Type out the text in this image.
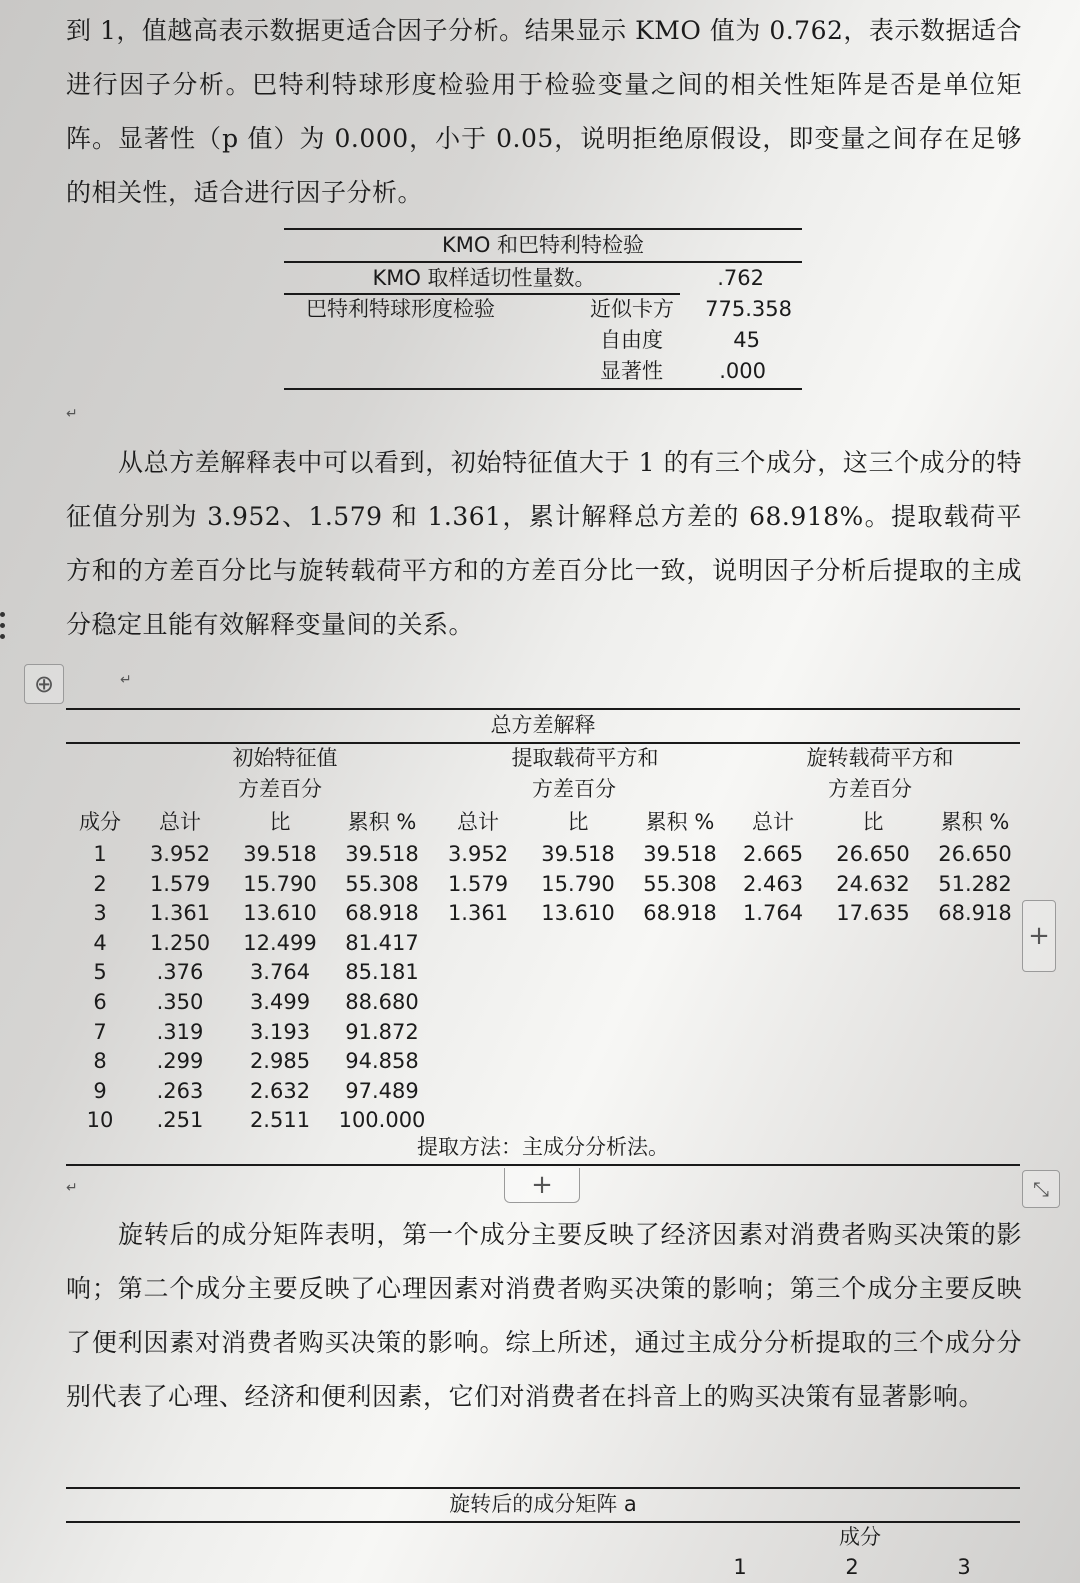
到 1，值越高表示数据更适合因子分析。结果显示 KMO 值为 0.762，表示数据适合进行因子分析。巴特利特球形度检验用于检验变量之间的相关性矩阵是否是单位矩阵。显著性（p 值）为 0.000，小于 0.05，说明拒绝原假设，即变量之间存在足够的相关性，适合进行因子分析。

KMO 和巴特利特检验
KMO 取样适切性量数。	.762
巴特利特球形度检验	近似卡方	775.358
自由度	45
显著性	.000
↵

从总方差解释表中可以看到，初始特征值大于 1 的有三个成分，这三个成分的特征值分别为 3.952、1.579 和 1.361，累计解释总方差的 68.918%。提取载荷平方和的方差百分比与旋转载荷平方和的方差百分比一致，说明因子分析后提取的主成分稳定且能有效解释变量间的关系。

⊕	↵
总方差解释
初始特征值	提取载荷平方和	旋转载荷平方和
方差百分	方差百分	方差百分
成分	总计	比	累积 %	总计	比	累积 %	总计	比	累积 %
1	3.952	39.518	39.518	3.952	39.518	39.518	2.665	26.650	26.650
2	1.579	15.790	55.308	1.579	15.790	55.308	2.463	24.632	51.282
3	1.361	13.610	68.918	1.361	13.610	68.918	1.764	17.635	68.918
4	1.250	12.499	81.417
5	.376	3.764	85.181
6	.350	3.499	88.680
7	.319	3.193	91.872
8	.299	2.985	94.858
9	.263	2.632	97.489
10	.251	2.511	100.000
提取方法：主成分分析法。
+
+	⤡
↵

旋转后的成分矩阵表明，第一个成分主要反映了经济因素对消费者购买决策的影响；第二个成分主要反映了心理因素对消费者购买决策的影响；第三个成分主要反映了便利因素对消费者购买决策的影响。综上所述，通过主成分分析提取的三个成分分别代表了心理、经济和便利因素，它们对消费者在抖音上的购买决策有显著影响。

旋转后的成分矩阵 a
成分
1	2	3
